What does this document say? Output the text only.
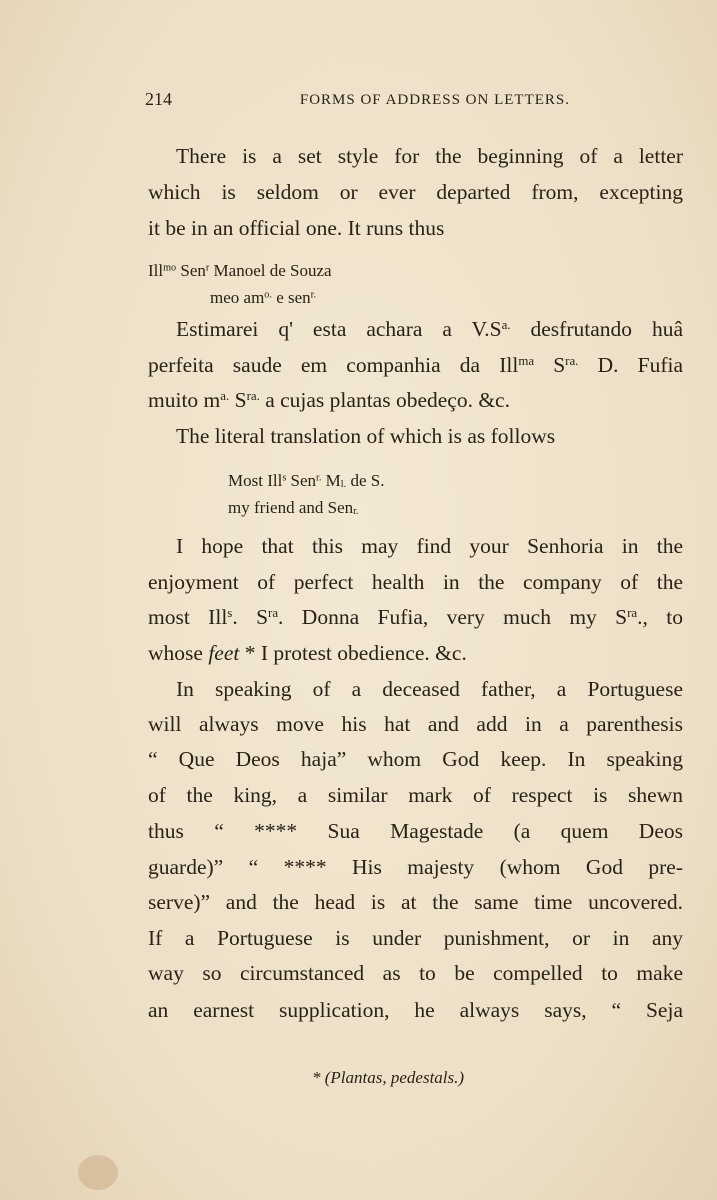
214	FORMS OF ADDRESS ON LETTERS.
There is a set style for the beginning of a letter
which is seldom or ever departed from, excepting
it be in an official one. It runs thus
Ill$^{mo}$ Sen$^r$ Manoel de Souza
meo $am^{o.}$ e sen$^{r.}$
Estimarei q' esta achara a $V.S^{a.}$ desfrutando huâ
perfeita saude em companhia da Ill$^{ma}$ $S^{ra.}$ D. Fufia
muito $m^{a.}$ $S^{ra.}$ a cujas plantas obedeço. &c.
The literal translation of which is as follows
Most Ill$^s$ Sen$^{r.}$ $M_{l.}$ de S.
my friend and Sen$_{r.}$
I hope that this may find your Senhoria in the
enjoyment of perfect health in the company of the
most Ill$^s$. $S^{ra}$. Donna Fufia, very much my $S^{ra}$., to
whose feet * I protest obedience. &c.
In speaking of a deceased father, a Portuguese
will always move his hat and add in a parenthesis
“ Que Deos haja” whom God keep. In speaking
of the king, a similar mark of respect is shewn
thus “ **** Sua Magestade (a quem Deos
guarde)” “ **** His majesty (whom God pre-
serve)” and the head is at the same time uncovered.
If a Portuguese is under punishment, or in any
way so circumstanced as to be compelled to make
an earnest supplication, he always says, “ Seja
* (Plantas, pedestals.)
